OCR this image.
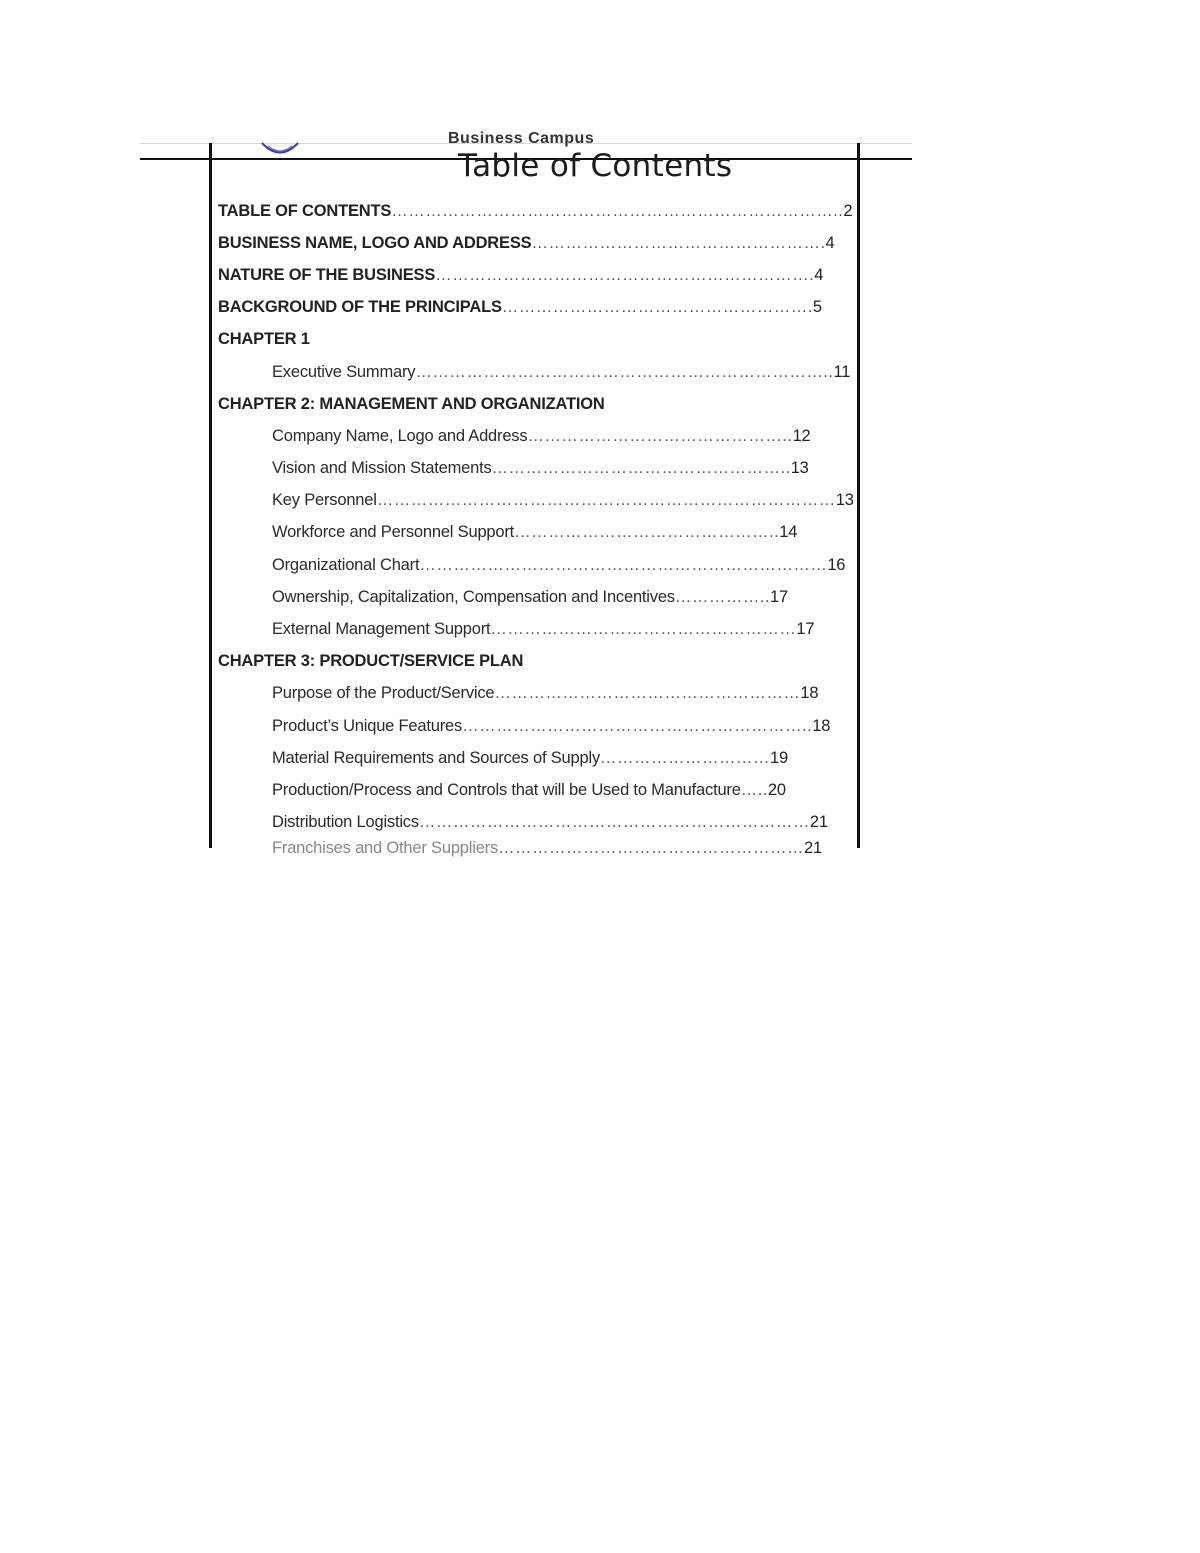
Business Campus
Table of Contents
TABLE OF CONTENTS …………………………………………………………………….. 2
BUSINESS NAME, LOGO AND ADDRESS ……………………………………………. 4
NATURE OF THE BUSINESS …………………………………………………………. 4
BACKGROUND OF THE PRINCIPALS ………………………………………………. 5
CHAPTER 1
Executive Summary ……………………………………………………………….. 11
CHAPTER 2: MANAGEMENT AND ORGANIZATION
Company Name, Logo and Address ……………………………………….. 12
Vision and Mission Statements …………………………………………….. 13
Key Personnel ……………………………………………………………………… 13
Workforce and Personnel Support ……………………………………….. 14
Organizational Chart ……………………………………………………………… 16
Ownership, Capitalization, Compensation and Incentives …………….. 17
External Management Support ……………………………………………… 17
CHAPTER 3: PRODUCT/SERVICE PLAN
Purpose of the Product/Service ……………………………………………… 18
Product’s Unique Features …………………………………………………….. 18
Material Requirements and Sources of Supply ………………………… 19
Production/Process and Controls that will be Used to Manufacture ….. 20
Distribution Logistics …………………………………………………………… 21
Franchises and Other Suppliers ……………………………………………… 21
